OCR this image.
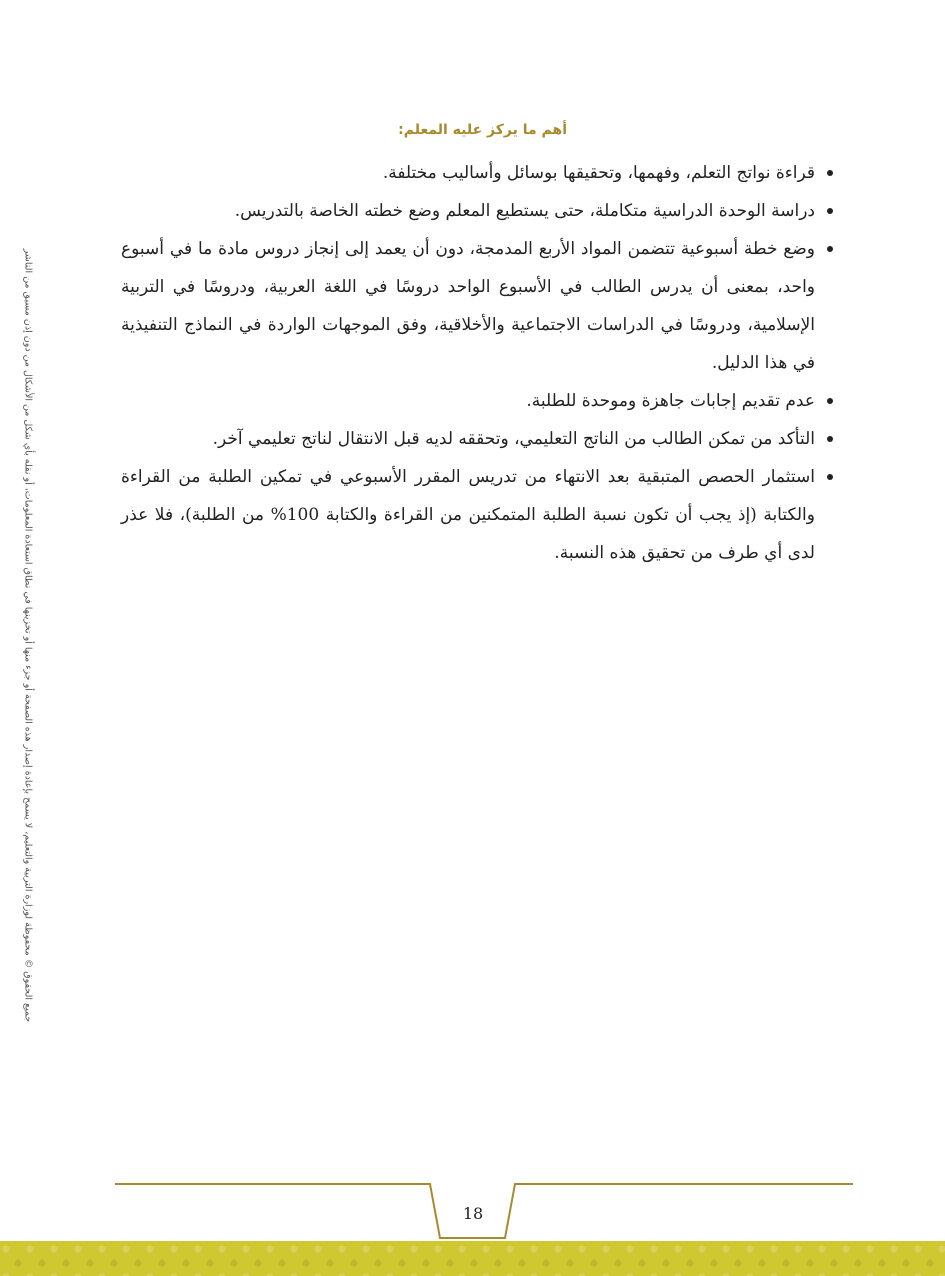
أهم ما يركز عليه المعلم:
قراءة نواتج التعلم، وفهمها، وتحقيقها بوسائل وأساليب مختلفة.
دراسة الوحدة الدراسية متكاملة، حتى يستطيع المعلم وضع خطته الخاصة بالتدريس.
وضع خطة أسبوعية تتضمن المواد الأربع المدمجة، دون أن يعمد إلى إنجاز دروس مادة ما في أسبوع واحد، بمعنى أن يدرس الطالب في الأسبوع الواحد دروسًا في اللغة العربية، ودروسًا في التربية الإسلامية، ودروسًا في الدراسات الاجتماعية والأخلاقية، وفق الموجهات الواردة في النماذج التنفيذية في هذا الدليل.
عدم تقديم إجابات جاهزة وموحدة للطلبة.
التأكد من تمكن الطالب من الناتج التعليمي، وتحققه لديه قبل الانتقال لناتج تعليمي آخر.
استثمار الحصص المتبقية بعد الانتهاء من تدريس المقرر الأسبوعي في تمكين الطلبة من القراءة والكتابة (إذ يجب أن تكون نسبة الطلبة المتمكنين من القراءة والكتابة 100% من الطلبة)، فلا عذر لدى أي طرف من تحقيق هذه النسبة.
جميع الحقوق © محفوظة لوزارة التربية والتعليم، لا يسمح بإعادة إصدار هذه الصفحة أو جزء منها أو تخزينها في نطاق استعادة المعلومات، أو نقله بأي شكل من الأشكال من دون إذن مسبق من الناشر
18
